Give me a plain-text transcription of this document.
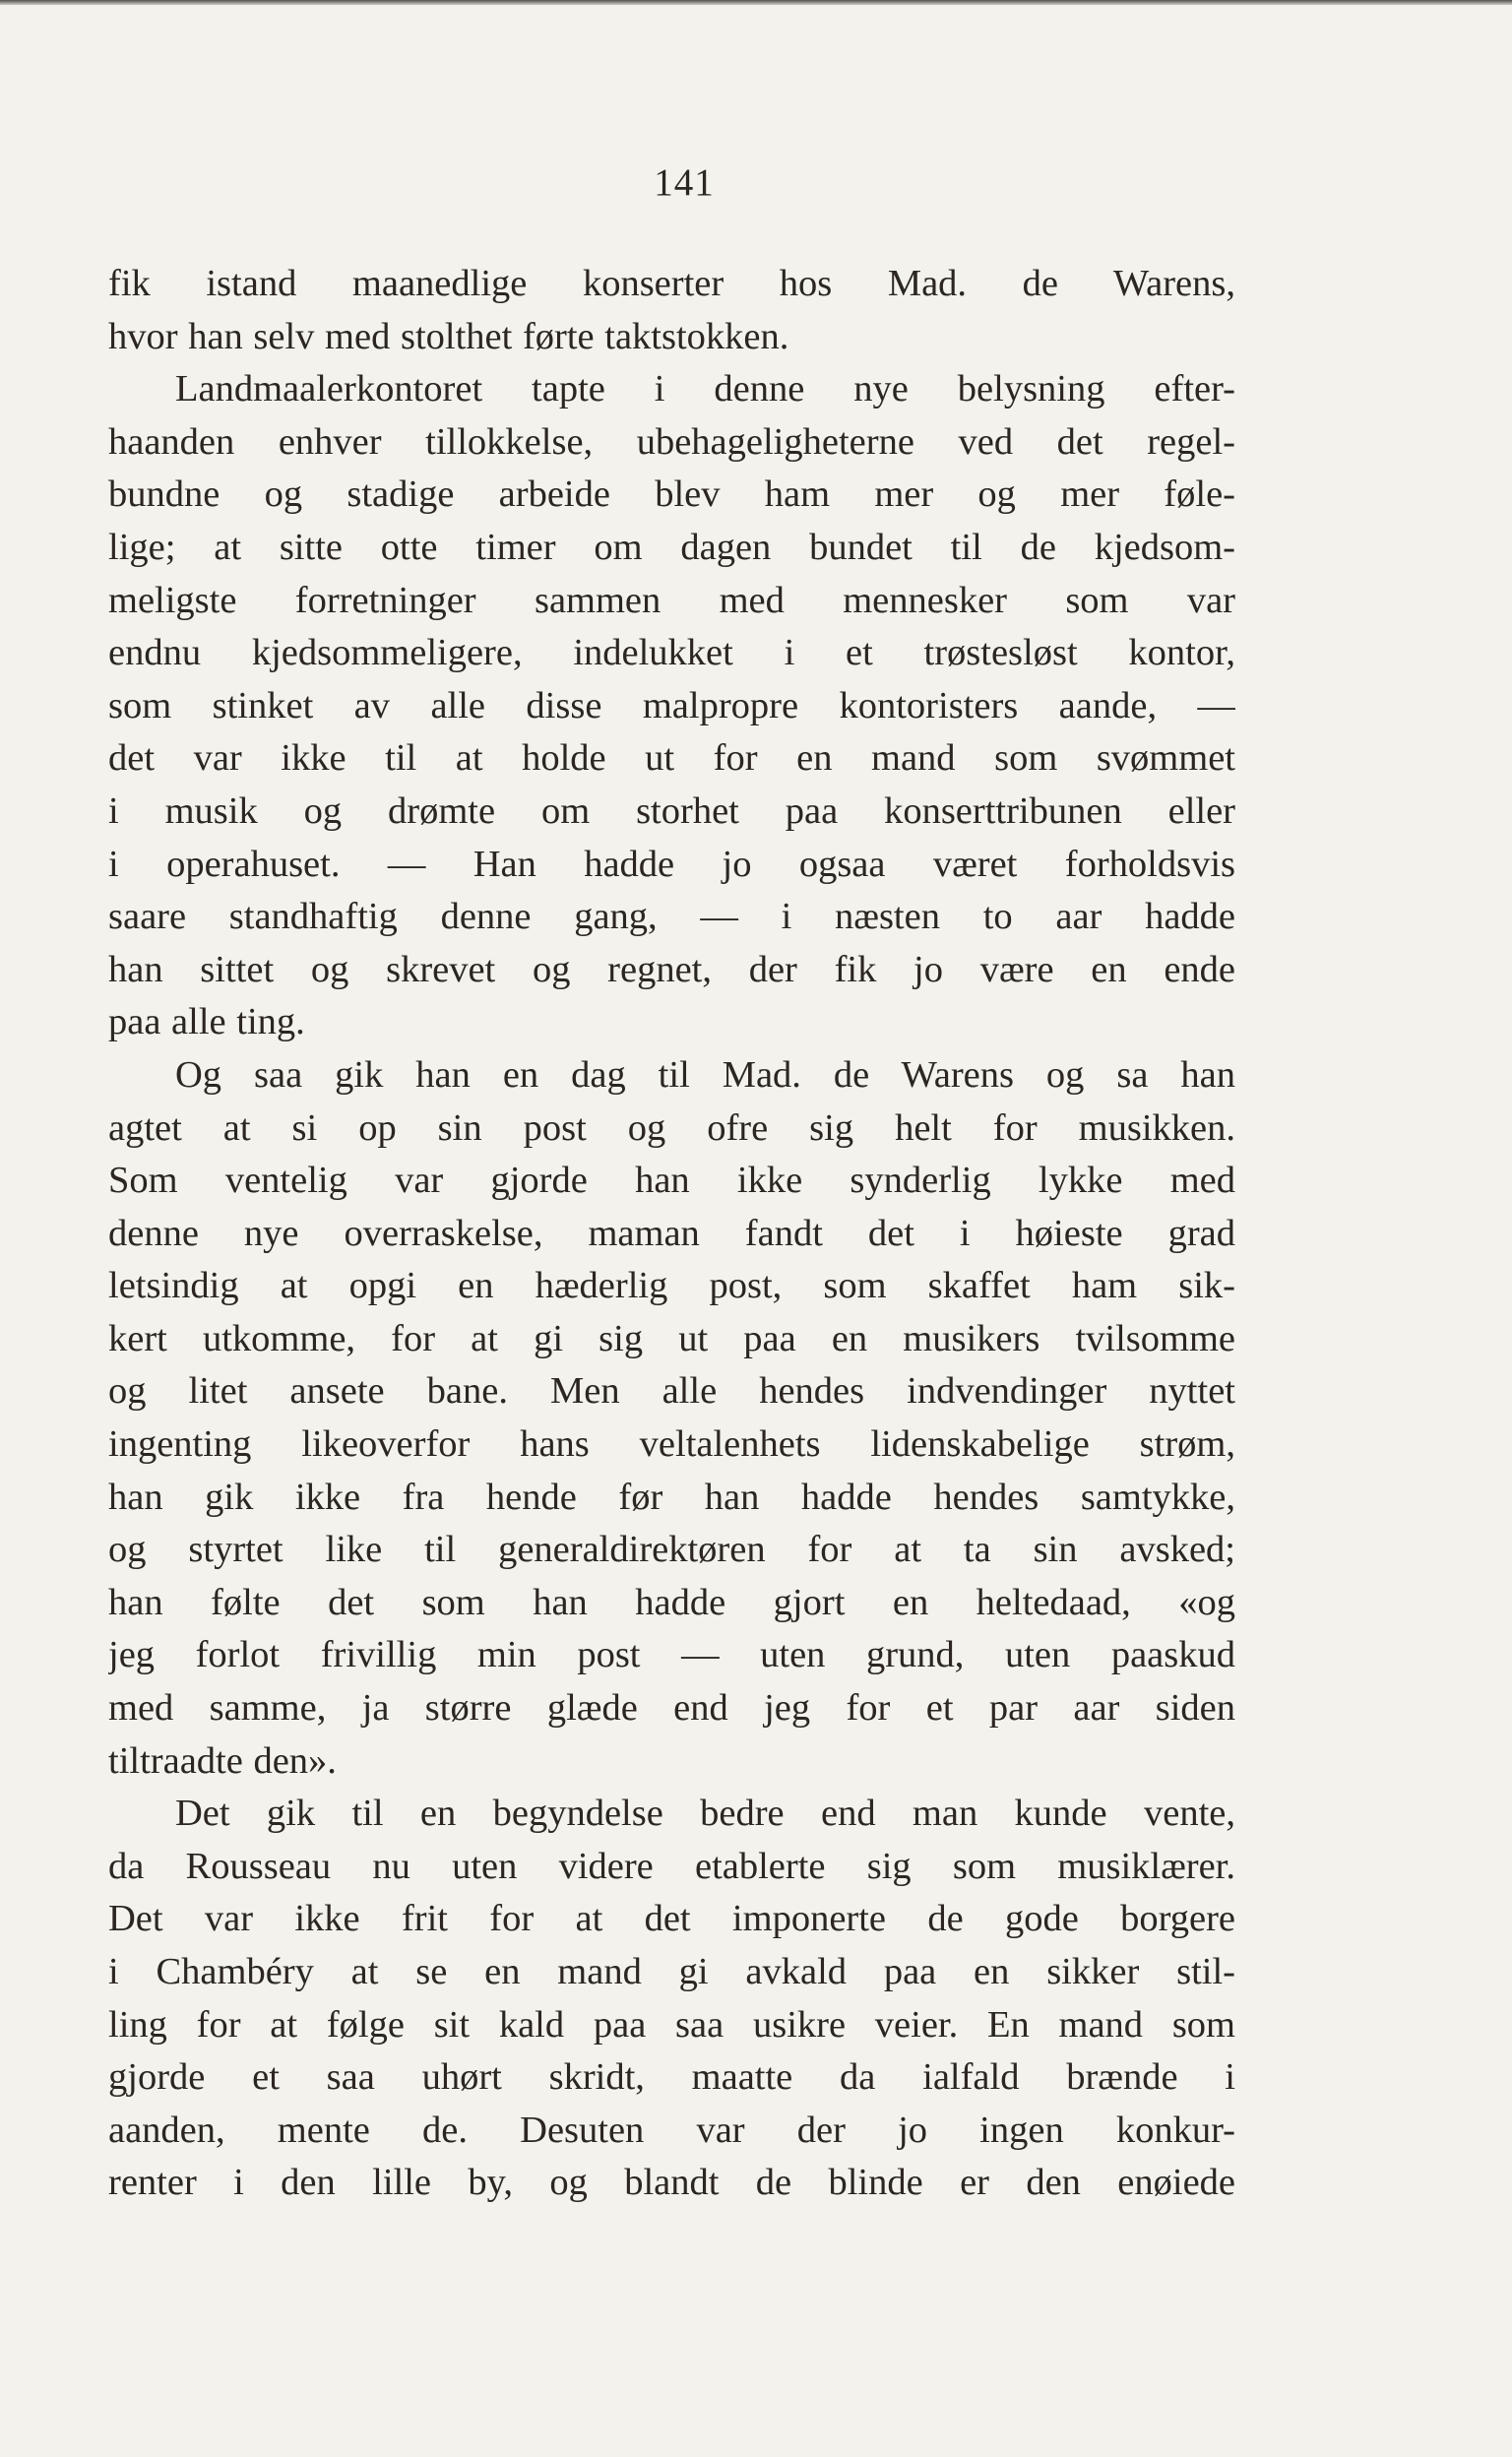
141
fik istand maanedlige konserter hos Mad. de Warens,
hvor han selv med stolthet førte taktstokken.
Landmaalerkontoret tapte i denne nye belysning efter-
haanden enhver tillokkelse, ubehageligheterne ved det regel-
bundne og stadige arbeide blev ham mer og mer føle-
lige; at sitte otte timer om dagen bundet til de kjedsom-
meligste forretninger sammen med mennesker som var
endnu kjedsommeligere, indelukket i et trøstesløst kontor,
som stinket av alle disse malpropre kontoristers aande, —
det var ikke til at holde ut for en mand som svømmet
i musik og drømte om storhet paa konserttribunen eller
i operahuset. — Han hadde jo ogsaa været forholdsvis
saare standhaftig denne gang, — i næsten to aar hadde
han sittet og skrevet og regnet, der fik jo være en ende
paa alle ting.
Og saa gik han en dag til Mad. de Warens og sa han
agtet at si op sin post og ofre sig helt for musikken.
Som ventelig var gjorde han ikke synderlig lykke med
denne nye overraskelse, maman fandt det i høieste grad
letsindig at opgi en hæderlig post, som skaffet ham sik-
kert utkomme, for at gi sig ut paa en musikers tvilsomme
og litet ansete bane. Men alle hendes indvendinger nyttet
ingenting likeoverfor hans veltalenhets lidenskabelige strøm,
han gik ikke fra hende før han hadde hendes samtykke,
og styrtet like til generaldirektøren for at ta sin avsked;
han følte det som han hadde gjort en heltedaad, «og
jeg forlot frivillig min post — uten grund, uten paaskud
med samme, ja større glæde end jeg for et par aar siden
tiltraadte den».
Det gik til en begyndelse bedre end man kunde vente,
da Rousseau nu uten videre etablerte sig som musiklærer.
Det var ikke frit for at det imponerte de gode borgere
i Chambéry at se en mand gi avkald paa en sikker stil-
ling for at følge sit kald paa saa usikre veier. En mand som
gjorde et saa uhørt skridt, maatte da ialfald brænde i
aanden, mente de. Desuten var der jo ingen konkur-
renter i den lille by, og blandt de blinde er den enøiede
